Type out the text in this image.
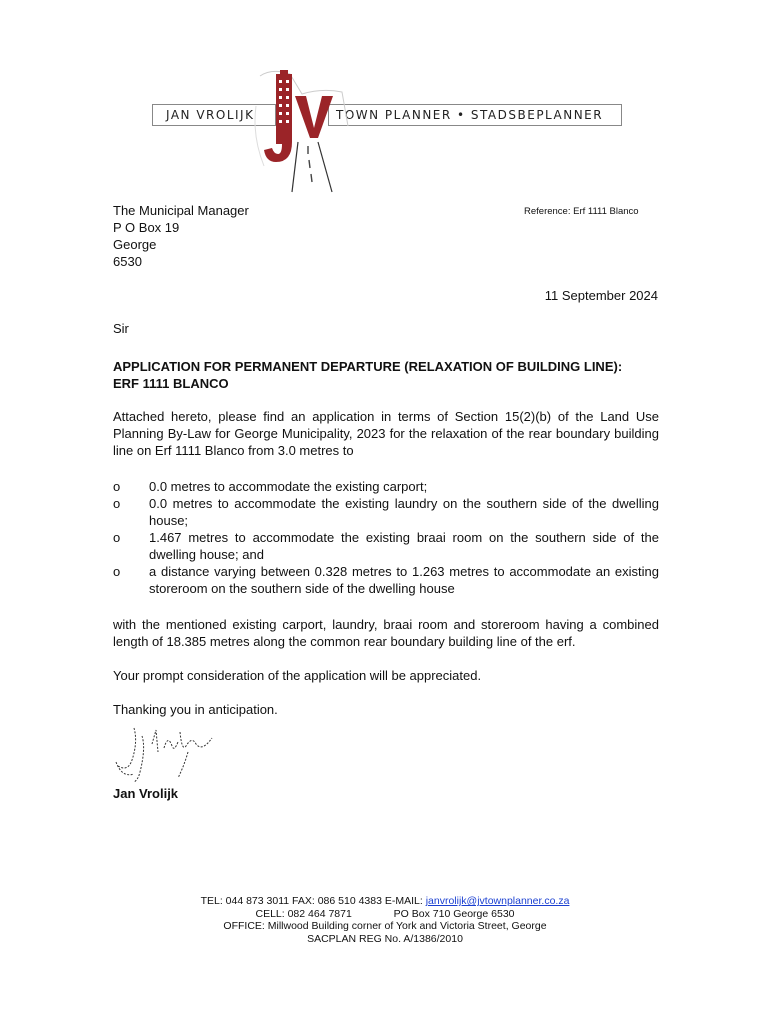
JAN VROLIJK	TOWN PLANNER • STADSBEPLANNER
The Municipal Manager
P O Box 19
George
6530
Reference: Erf 1111 Blanco
11 September 2024
Sir
APPLICATION FOR PERMANENT DEPARTURE (RELAXATION OF BUILDING LINE):
ERF 1111 BLANCO
Attached hereto, please find an application in terms of Section 15(2)(b) of the Land Use Planning By-Law for George Municipality, 2023 for the relaxation of the rear boundary building line on Erf 1111 Blanco from 3.0 metres to
o	0.0 metres to accommodate the existing carport;
o	0.0 metres to accommodate the existing laundry on the southern side of the dwelling house;
o	1.467 metres to accommodate the existing braai room on the southern side of the dwelling house; and
o	a distance varying between 0.328 metres to 1.263 metres to accommodate an existing storeroom on the southern side of the dwelling house
with the mentioned existing carport, laundry, braai room and storeroom having a combined length of 18.385 metres along the common rear boundary building line of the erf.
Your prompt consideration of the application will be appreciated.
Thanking you in anticipation.
Jan Vrolijk
TEL: 044 873 3011 FAX: 086 510 4383 E-MAIL: janvrolijk@jvtownplanner.co.za
CELL: 082 464 7871	PO Box 710 George 6530
OFFICE: Millwood Building corner of York and Victoria Street, George
SACPLAN REG No. A/1386/2010
